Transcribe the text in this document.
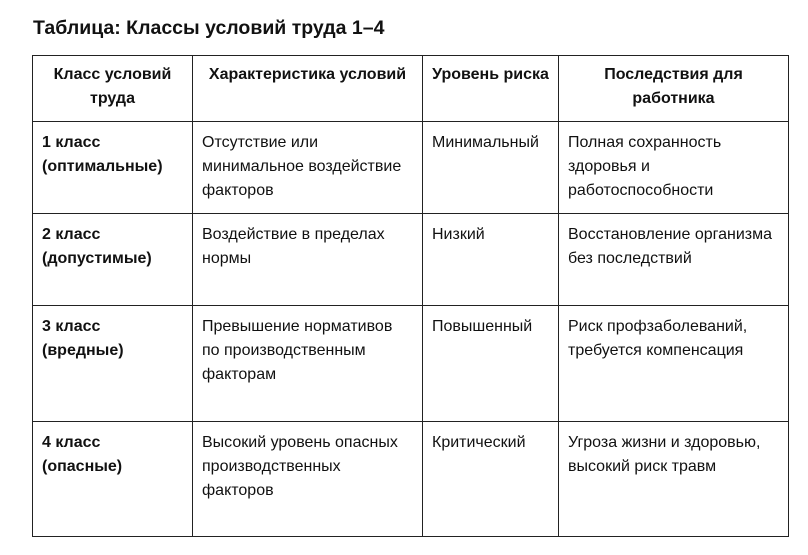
Таблица: Классы условий труда 1–4
Класс условий труда	Характеристика условий	Уровень риска	Последствия для работника
1 класс (оптимальные)	Отсутствие или минимальное воздействие факторов	Минимальный	Полная сохранность здоровья и работоспособности
2 класс (допустимые)	Воздействие в пределах нормы	Низкий	Восстановление организма без последствий
3 класс (вредные)	Превышение нормативов по производственным факторам	Повышенный	Риск профзаболеваний, требуется компенсация
4 класс (опасные)	Высокий уровень опасных производственных факторов	Критический	Угроза жизни и здоровью, высокий риск травм
